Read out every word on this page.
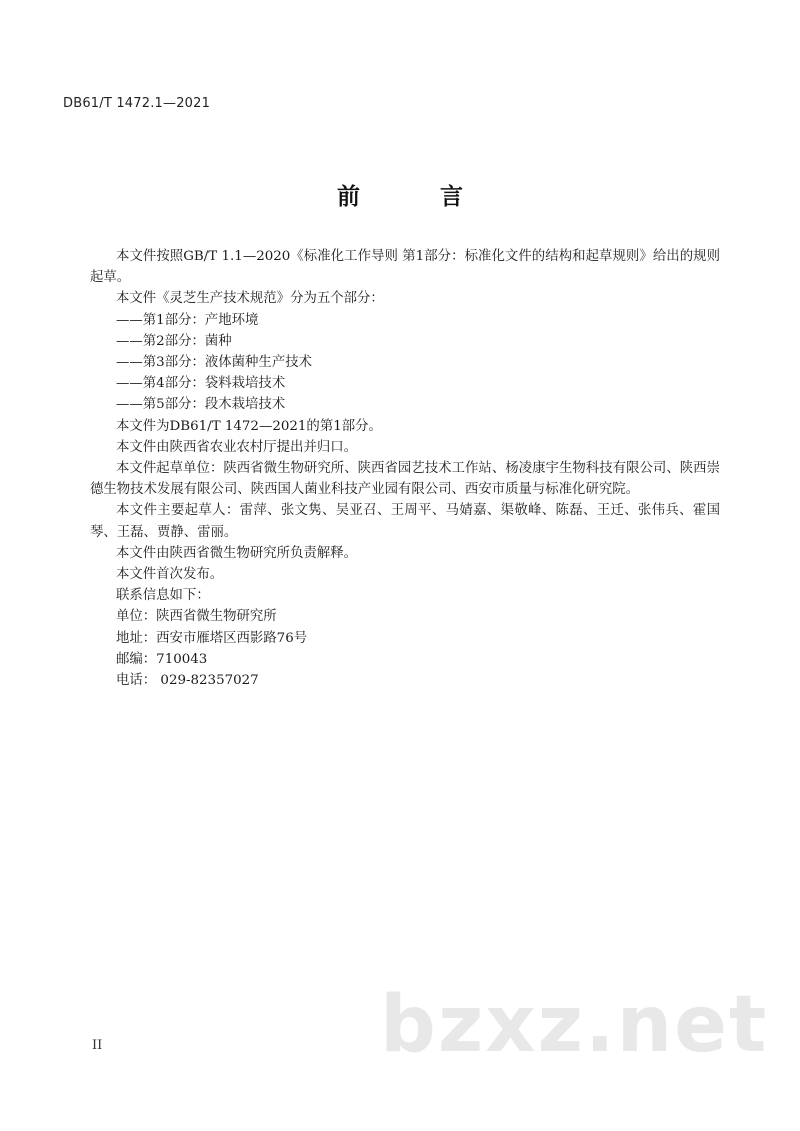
DB61/T 1472.1—2021
前 言

本文件按照GB/T 1.1—2020《标准化工作导则 第1部分：标准化文件的结构和起草规则》给出的规则起草。

本文件《灵芝生产技术规范》分为五个部分：

——第1部分：产地环境

——第2部分：菌种

——第3部分：液体菌种生产技术

——第4部分：袋料栽培技术

——第5部分：段木栽培技术

本文件为DB61/T 1472—2021的第1部分。

本文件由陕西省农业农村厅提出并归口。

本文件起草单位：陕西省微生物研究所、陕西省园艺技术工作站、杨凌康宇生物科技有限公司、陕西崇德生物技术发展有限公司、陕西国人菌业科技产业园有限公司、西安市质量与标准化研究院。

本文件主要起草人：雷萍、张文隽、吴亚召、王周平、马婧嘉、渠敬峰、陈磊、王迁、张伟兵、霍国琴、王磊、贾静、雷丽。

本文件由陕西省微生物研究所负责解释。

本文件首次发布。

联系信息如下：

单位：陕西省微生物研究所

地址：西安市雁塔区西影路76号

邮编：710043

电话： 029-82357027

II	bzxz.net
